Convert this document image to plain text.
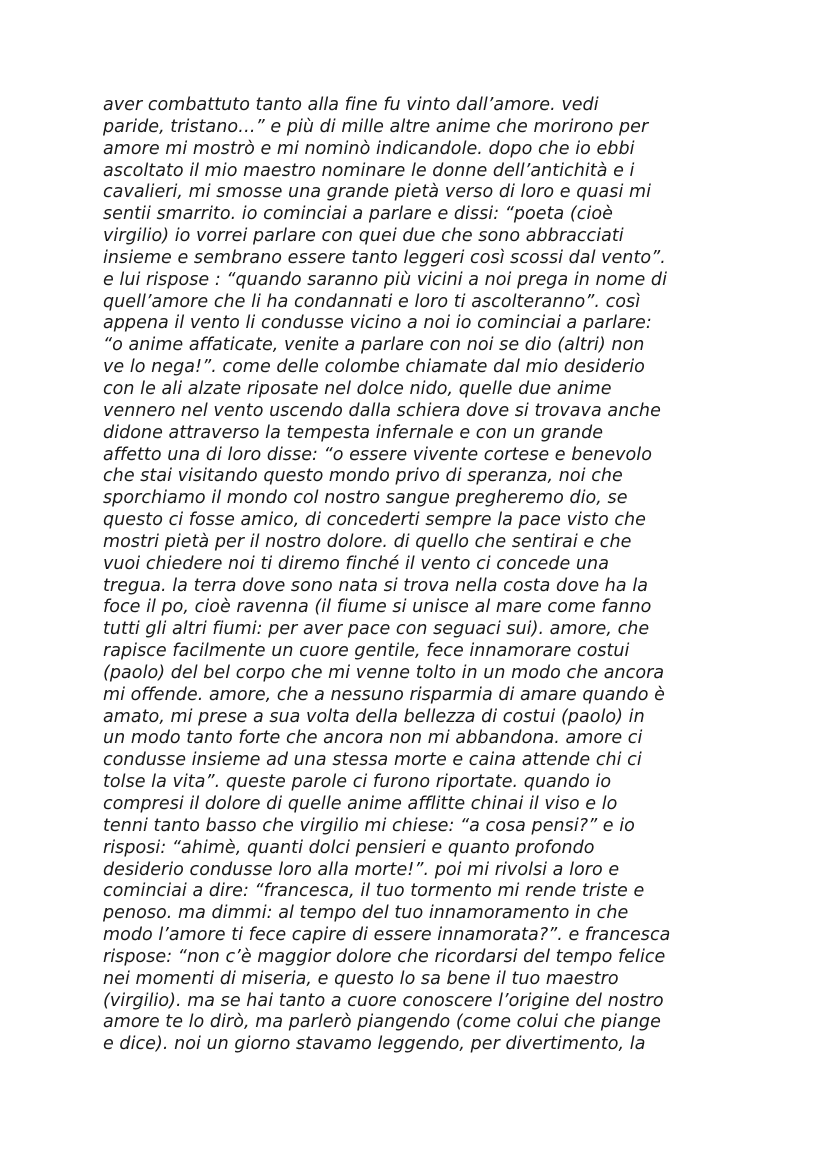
aver combattuto tanto alla fine fu vinto dall’amore. vedi
paride, tristano…” e più di mille altre anime che morirono per
amore mi mostrò e mi nominò indicandole. dopo che io ebbi
ascoltato il mio maestro nominare le donne dell’antichità e i
cavalieri, mi smosse una grande pietà verso di loro e quasi mi
sentii smarrito. io cominciai a parlare e dissi: “poeta (cioè
virgilio) io vorrei parlare con quei due che sono abbracciati
insieme e sembrano essere tanto leggeri così scossi dal vento”.
e lui rispose : “quando saranno più vicini a noi prega in nome di
quell’amore che li ha condannati e loro ti ascolteranno”. così
appena il vento li condusse vicino a noi io cominciai a parlare:
“o anime affaticate, venite a parlare con noi se dio (altri) non
ve lo nega!”. come delle colombe chiamate dal mio desiderio
con le ali alzate riposate nel dolce nido, quelle due anime
vennero nel vento uscendo dalla schiera dove si trovava anche
didone attraverso la tempesta infernale e con un grande
affetto una di loro disse: “o essere vivente cortese e benevolo
che stai visitando questo mondo privo di speranza, noi che
sporchiamo il mondo col nostro sangue pregheremo dio, se
questo ci fosse amico, di concederti sempre la pace visto che
mostri pietà per il nostro dolore. di quello che sentirai e che
vuoi chiedere noi ti diremo finché il vento ci concede una
tregua. la terra dove sono nata si trova nella costa dove ha la
foce il po, cioè ravenna (il fiume si unisce al mare come fanno
tutti gli altri fiumi: per aver pace con seguaci sui). amore, che
rapisce facilmente un cuore gentile, fece innamorare costui
(paolo) del bel corpo che mi venne tolto in un modo che ancora
mi offende. amore, che a nessuno risparmia di amare quando è
amato, mi prese a sua volta della bellezza di costui (paolo) in
un modo tanto forte che ancora non mi abbandona. amore ci
condusse insieme ad una stessa morte e caina attende chi ci
tolse la vita”. queste parole ci furono riportate. quando io
compresi il dolore di quelle anime afflitte chinai il viso e lo
tenni tanto basso che virgilio mi chiese: “a cosa pensi?” e io
risposi: “ahimè, quanti dolci pensieri e quanto profondo
desiderio condusse loro alla morte!”. poi mi rivolsi a loro e
cominciai a dire: “francesca, il tuo tormento mi rende triste e
penoso. ma dimmi: al tempo del tuo innamoramento in che
modo l’amore ti fece capire di essere innamorata?”. e francesca
rispose: “non c’è maggior dolore che ricordarsi del tempo felice
nei momenti di miseria, e questo lo sa bene il tuo maestro
(virgilio). ma se hai tanto a cuore conoscere l’origine del nostro
amore te lo dirò, ma parlerò piangendo (come colui che piange
e dice). noi un giorno stavamo leggendo, per divertimento, la
